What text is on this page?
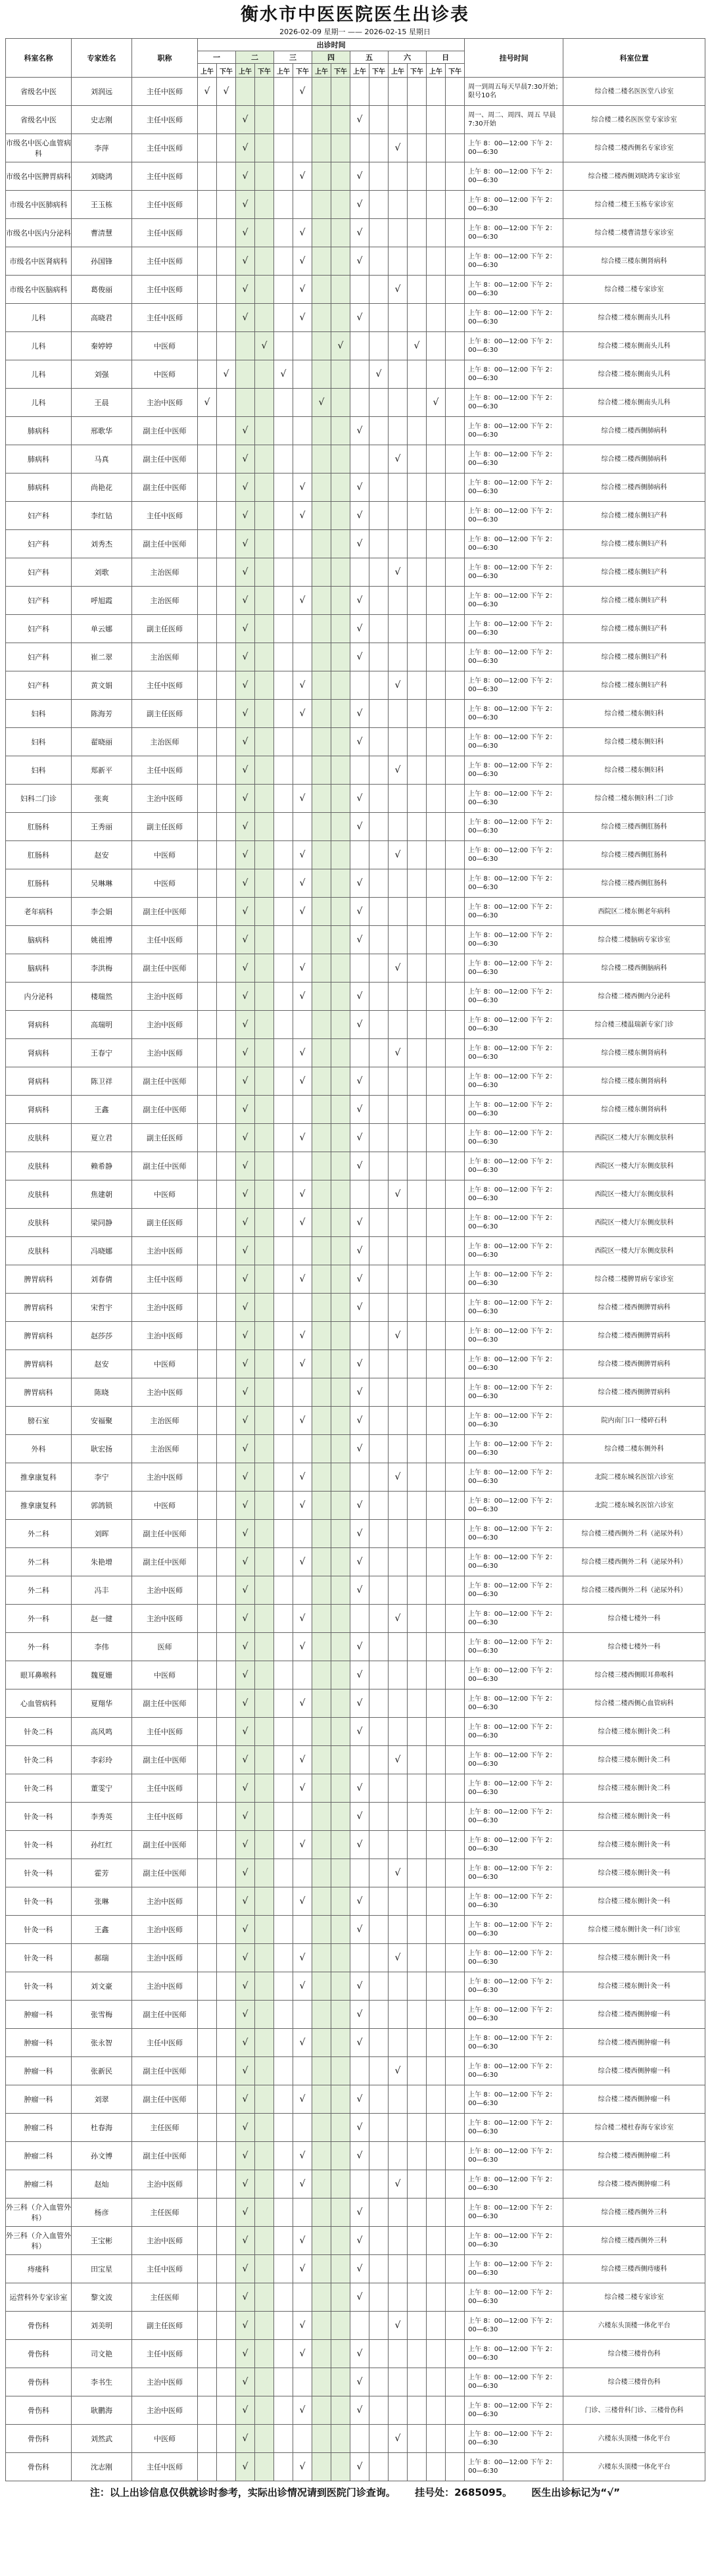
衡水市中医医院医生出诊表
2026-02-09 星期一 —— 2026-02-15 星期日
科室名称	专家姓名	职称	出诊时间														挂号时间	科室位置
			一		二		三		四		五		六		日			
			上午	下午	上午	下午	上午	下午	上午	下午	上午	下午	上午	下午	上午	下午		
省级名中医	刘润远	主任中医师	√	√				√									周一到周五每天早晨7:30开始；限号10名	综合楼二楼名医医堂八诊室
省级名中医	史志刚	主任中医师			√						√						周一、周二、周四、周五 早晨7:30开始	综合楼二楼名医医堂专家诊室
市级名中医心血管病科	李萍	主任中医师			√								√				上午 8：00—12:00 下午 2：00—6:30	综合楼二楼西侧名专家诊室
市级名中医脾胃病科	刘晓鸿	主任中医师			√			√			√						上午 8：00—12:00 下午 2：00—6:30	综合楼二楼西侧刘晓鸿专家诊室
市级名中医肺病科	王玉栋	主任中医师			√						√						上午 8：00—12:00 下午 2：00—6:30	综合楼二楼王玉栋专家诊室
市级名中医内分泌科	曹清慧	主任中医师			√			√			√						上午 8：00—12:00 下午 2：00—6:30	综合楼二楼曹清慧专家诊室
市级名中医肾病科	孙国锋	主任中医师			√			√			√						上午 8：00—12:00 下午 2：00—6:30	综合楼三楼东侧肾病科
市级名中医脑病科	葛俊丽	主任中医师			√			√					√				上午 8：00—12:00 下午 2：00—6:30	综合楼二楼专家诊室
儿科	高晓君	主任中医师			√			√			√						上午 8：00—12:00 下午 2：00—6:30	综合楼二楼东侧南头儿科
儿科	秦婷婷	中医师				√				√				√			上午 8：00—12:00 下午 2：00—6:30	综合楼二楼东侧南头儿科
儿科	刘强	中医师		√			√					√					上午 8：00—12:00 下午 2：00—6:30	综合楼二楼东侧南头儿科
儿科	王晨	主治中医师	√						√						√		上午 8：00—12:00 下午 2：00—6:30	综合楼二楼东侧南头儿科
肺病科	邢歌华	副主任中医师			√						√						上午 8：00—12:00 下午 2：00—6:30	综合楼二楼西侧肺病科
肺病科	马真	副主任中医师			√								√				上午 8：00—12:00 下午 2：00—6:30	综合楼二楼西侧肺病科
肺病科	尚艳花	副主任中医师			√			√			√						上午 8：00—12:00 下午 2：00—6:30	综合楼二楼西侧肺病科
妇产科	李红钻	主任中医师			√			√			√						上午 8：00—12:00 下午 2：00—6:30	综合楼二楼东侧妇产科
妇产科	刘秀杰	副主任中医师			√						√						上午 8：00—12:00 下午 2：00—6:30	综合楼二楼东侧妇产科
妇产科	刘歌	主治医师			√								√				上午 8：00—12:00 下午 2：00—6:30	综合楼二楼东侧妇产科
妇产科	呼旭霞	主治医师			√			√			√						上午 8：00—12:00 下午 2：00—6:30	综合楼二楼东侧妇产科
妇产科	单云娜	副主任医师			√						√						上午 8：00—12:00 下午 2：00—6:30	综合楼二楼东侧妇产科
妇产科	崔二翠	主治医师			√						√						上午 8：00—12:00 下午 2：00—6:30	综合楼二楼东侧妇产科
妇产科	黄文娟	主任中医师			√			√					√				上午 8：00—12:00 下午 2：00—6:30	综合楼二楼东侧妇产科
妇科	陈海芳	副主任医师			√			√			√						上午 8：00—12:00 下午 2：00—6:30	综合楼二楼东侧妇科
妇科	翟晓丽	主治医师			√						√						上午 8：00—12:00 下午 2：00—6:30	综合楼二楼东侧妇科
妇科	郑新平	主任中医师			√								√				上午 8：00—12:00 下午 2：00—6:30	综合楼二楼东侧妇科
妇科二门诊	张爽	主治中医师			√			√			√						上午 8：00—12:00 下午 2：00—6:30	综合楼二楼东侧妇科二门诊
肛肠科	王秀丽	副主任医师			√						√						上午 8：00—12:00 下午 2：00—6:30	综合楼三楼西侧肛肠科
肛肠科	赵安	中医师			√			√					√				上午 8：00—12:00 下午 2：00—6:30	综合楼三楼西侧肛肠科
肛肠科	吴琳琳	中医师			√			√			√						上午 8：00—12:00 下午 2：00—6:30	综合楼三楼西侧肛肠科
老年病科	李会娟	副主任中医师			√			√			√						上午 8：00—12:00 下午 2：00—6:30	西院区二楼东侧老年病科
脑病科	姚祖博	主任中医师			√						√						上午 8：00—12:00 下午 2：00—6:30	综合楼二楼脑病专家诊室
脑病科	李洪梅	副主任中医师			√			√					√				上午 8：00—12:00 下午 2：00—6:30	综合楼二楼西侧脑病科
内分泌科	楼瑞然	主治中医师			√			√			√						上午 8：00—12:00 下午 2：00—6:30	综合楼二楼西侧内分泌科
肾病科	高瑞明	主治中医师			√						√						上午 8：00—12:00 下午 2：00—6:30	综合楼三楼温瑞新专家门诊
肾病科	王春宁	主治中医师			√			√					√				上午 8：00—12:00 下午 2：00—6:30	综合楼三楼东侧肾病科
肾病科	陈卫祥	副主任中医师			√			√			√						上午 8：00—12:00 下午 2：00—6:30	综合楼三楼东侧肾病科
肾病科	王鑫	副主任中医师			√						√						上午 8：00—12:00 下午 2：00—6:30	综合楼三楼东侧肾病科
皮肤科	夏立君	副主任医师			√			√			√						上午 8：00—12:00 下午 2：00—6:30	西院区二楼大厅东侧皮肤科
皮肤科	赖希静	副主任中医师			√						√						上午 8：00—12:00 下午 2：00—6:30	西院区一楼大厅东侧皮肤科
皮肤科	焦建朝	中医师			√			√					√				上午 8：00—12:00 下午 2：00—6:30	西院区一楼大厅东侧皮肤科
皮肤科	梁同静	副主任医师			√			√			√						上午 8：00—12:00 下午 2：00—6:30	西院区一楼大厅东侧皮肤科
皮肤科	冯晓娜	主治中医师			√						√						上午 8：00—12:00 下午 2：00—6:30	西院区一楼大厅东侧皮肤科
脾胃病科	刘春倩	主任中医师			√			√			√						上午 8：00—12:00 下午 2：00—6:30	综合楼二楼脾胃病专家诊室
脾胃病科	宋哲宇	主治中医师			√						√						上午 8：00—12:00 下午 2：00—6:30	综合楼二楼西侧脾胃病科
脾胃病科	赵莎莎	主治中医师			√			√					√				上午 8：00—12:00 下午 2：00—6:30	综合楼二楼西侧脾胃病科
脾胃病科	赵安	中医师			√			√			√						上午 8：00—12:00 下午 2：00—6:30	综合楼二楼西侧脾胃病科
脾胃病科	陈晓	主治中医师			√						√						上午 8：00—12:00 下午 2：00—6:30	综合楼二楼西侧脾胃病科
膀石室	安福聚	主治医师			√			√			√						上午 8：00—12:00 下午 2：00—6:30	院内南门口一楼碎石科
外科	耿宏扬	主治医师			√						√						上午 8：00—12:00 下午 2：00—6:30	综合楼二楼东侧外科
推拿康复科	李宁	主治中医师			√			√					√				上午 8：00—12:00 下午 2：00—6:30	北院二楼东城名医馆六诊室
推拿康复科	郭鸽锁	中医师			√			√			√						上午 8：00—12:00 下午 2：00—6:30	北院二楼东城名医馆六诊室
外二科	刘晖	副主任中医师			√						√						上午 8：00—12:00 下午 2：00—6:30	综合楼三楼西侧外二科（泌尿外科）
外二科	朱艳增	副主任中医师			√			√			√						上午 8：00—12:00 下午 2：00—6:30	综合楼三楼西侧外二科（泌尿外科）
外二科	冯丰	主治中医师			√						√						上午 8：00—12:00 下午 2：00—6:30	综合楼三楼西侧外二科（泌尿外科）
外一科	赵一健	主治中医师			√			√					√				上午 8：00—12:00 下午 2：00—6:30	综合楼七楼外一科
外一科	李伟	医师			√			√			√						上午 8：00—12:00 下午 2：00—6:30	综合楼七楼外一科
眼耳鼻喉科	魏夏姗	中医师			√						√						上午 8：00—12:00 下午 2：00—6:30	综合楼三楼西侧眼耳鼻喉科
心血管病科	夏翔华	副主任中医师			√			√			√						上午 8：00—12:00 下午 2：00—6:30	综合楼二楼西侧心血管病科
针灸二科	高风鸣	主任中医师			√						√						上午 8：00—12:00 下午 2：00—6:30	综合楼三楼东侧针灸二科
针灸二科	李彩玲	副主任中医师			√			√					√				上午 8：00—12:00 下午 2：00—6:30	综合楼三楼东侧针灸二科
针灸二科	董雯宁	主任中医师			√			√			√						上午 8：00—12:00 下午 2：00—6:30	综合楼三楼东侧针灸二科
针灸一科	李秀英	主任中医师			√						√						上午 8：00—12:00 下午 2：00—6:30	综合楼三楼东侧针灸一科
针灸一科	孙红红	副主任中医师			√			√			√						上午 8：00—12:00 下午 2：00—6:30	综合楼三楼东侧针灸一科
针灸一科	霍芳	副主任中医师			√								√				上午 8：00—12:00 下午 2：00—6:30	综合楼三楼东侧针灸一科
针灸一科	张琳	主治中医师			√			√			√						上午 8：00—12:00 下午 2：00—6:30	综合楼三楼东侧针灸一科
针灸一科	王鑫	主治中医师			√						√						上午 8：00—12:00 下午 2：00—6:30	综合楼三楼东侧针灸一科门诊室
针灸一科	郝瑞	主治中医师			√			√					√				上午 8：00—12:00 下午 2：00—6:30	综合楼三楼东侧针灸一科
针灸一科	刘文豪	主治中医师			√			√			√						上午 8：00—12:00 下午 2：00—6:30	综合楼三楼东侧针灸一科
肿瘤一科	张雪梅	副主任中医师			√						√						上午 8：00—12:00 下午 2：00—6:30	综合楼二楼西侧肿瘤一科
肿瘤一科	张永智	主任中医师			√			√			√						上午 8：00—12:00 下午 2：00—6:30	综合楼二楼西侧肿瘤一科
肿瘤一科	张新民	副主任中医师			√								√				上午 8：00—12:00 下午 2：00—6:30	综合楼二楼西侧肿瘤一科
肿瘤一科	刘翠	副主任中医师			√			√			√						上午 8：00—12:00 下午 2：00—6:30	综合楼二楼西侧肿瘤一科
肿瘤二科	杜春海	主任医师			√						√						上午 8：00—12:00 下午 2：00—6:30	综合楼二楼杜春海专家诊室
肿瘤二科	孙文博	副主任中医师			√			√			√						上午 8：00—12:00 下午 2：00—6:30	综合楼二楼西侧肿瘤二科
肿瘤二科	赵灿	主治中医师			√			√					√				上午 8：00—12:00 下午 2：00—6:30	综合楼二楼西侧肿瘤二科
外三科（介入血管外科）	杨彦	主任医师			√						√						上午 8：00—12:00 下午 2：00—6:30	综合楼三楼西侧外三科
外三科（介入血管外科）	王宝彬	主治中医师			√			√			√						上午 8：00—12:00 下午 2：00—6:30	综合楼三楼西侧外三科
痔瘘科	田宝星	主任中医师			√			√			√						上午 8：00—12:00 下午 2：00—6:30	综合楼三楼西侧痔瘘科
运营科外专家诊室	黎文波	主任医师			√						√						上午 8：00—12:00 下午 2：00—6:30	综合楼二楼专家诊室
骨伤科	刘美明	副主任医师			√			√					√				上午 8：00—12:00 下午 2：00—6:30	六楼东头顶楼一体化平台
骨伤科	司文艳	主任中医师			√			√			√						上午 8：00—12:00 下午 2：00—6:30	综合楼三楼骨伤科
骨伤科	李书生	主治中医师			√						√						上午 8：00—12:00 下午 2：00—6:30	综合楼三楼骨伤科
骨伤科	耿鹏海	主治中医师			√			√			√						上午 8：00—12:00 下午 2：00—6:30	门诊、三楼骨科门诊、三楼骨伤科
骨伤科	刘然武	中医师			√								√				上午 8：00—12:00 下午 2：00—6:30	六楼东头顶楼一体化平台
骨伤科	沈志刚	主任中医师			√			√			√						上午 8：00—12:00 下午 2：00—6:30	六楼东头顶楼一体化平台
注：以上出诊信息仅供就诊时参考，实际出诊情况请到医院门诊查询。 挂号处：2685095。 医生出诊标记为“√”
